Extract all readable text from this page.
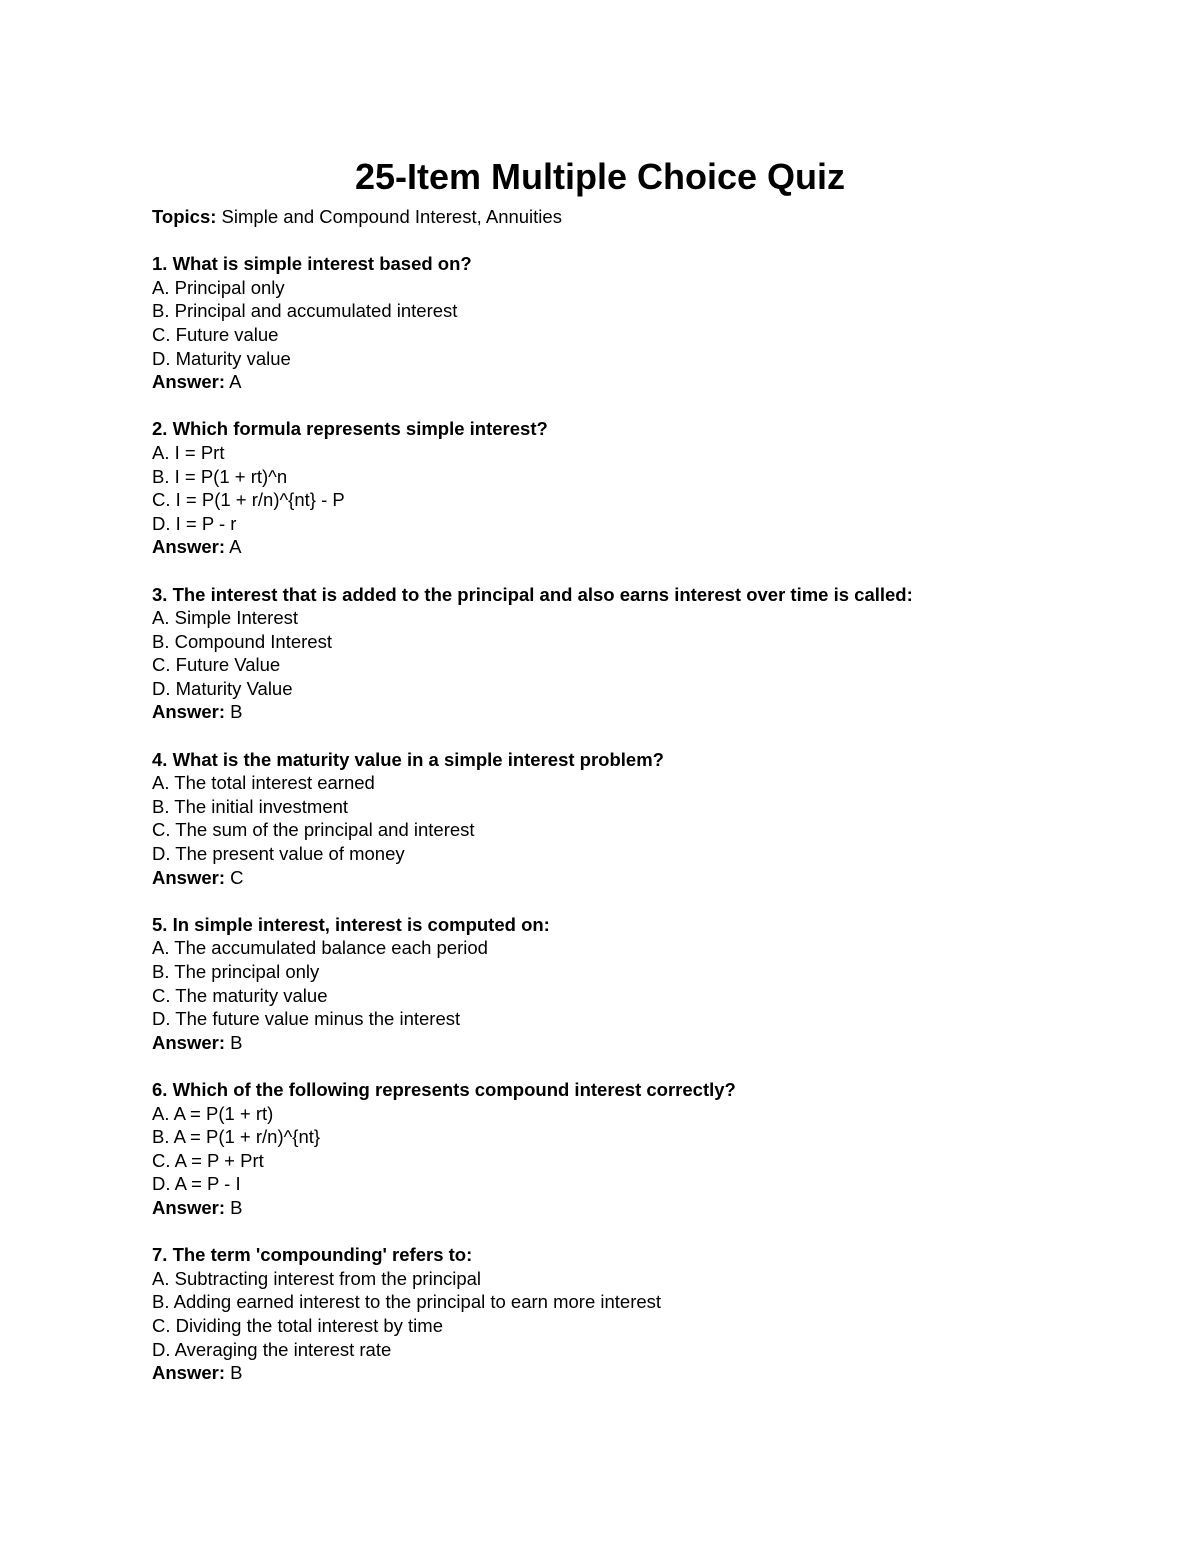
25-Item Multiple Choice Quiz

Topics: Simple and Compound Interest, Annuities

1. What is simple interest based on?

A. Principal only

B. Principal and accumulated interest

C. Future value

D. Maturity value

Answer: A

2. Which formula represents simple interest?

A. I = Prt

B. I = P(1 + rt)^n

C. I = P(1 + r/n)^{nt} - P

D. I = P - r

Answer: A

3. The interest that is added to the principal and also earns interest over time is called:

A. Simple Interest

B. Compound Interest

C. Future Value

D. Maturity Value

Answer: B

4. What is the maturity value in a simple interest problem?

A. The total interest earned

B. The initial investment

C. The sum of the principal and interest

D. The present value of money

Answer: C

5. In simple interest, interest is computed on:

A. The accumulated balance each period

B. The principal only

C. The maturity value

D. The future value minus the interest

Answer: B

6. Which of the following represents compound interest correctly?

A. A = P(1 + rt)

B. A = P(1 + r/n)^{nt}

C. A = P + Prt

D. A = P - I

Answer: B

7. The term 'compounding' refers to:

A. Subtracting interest from the principal

B. Adding earned interest to the principal to earn more interest

C. Dividing the total interest by time

D. Averaging the interest rate

Answer: B
